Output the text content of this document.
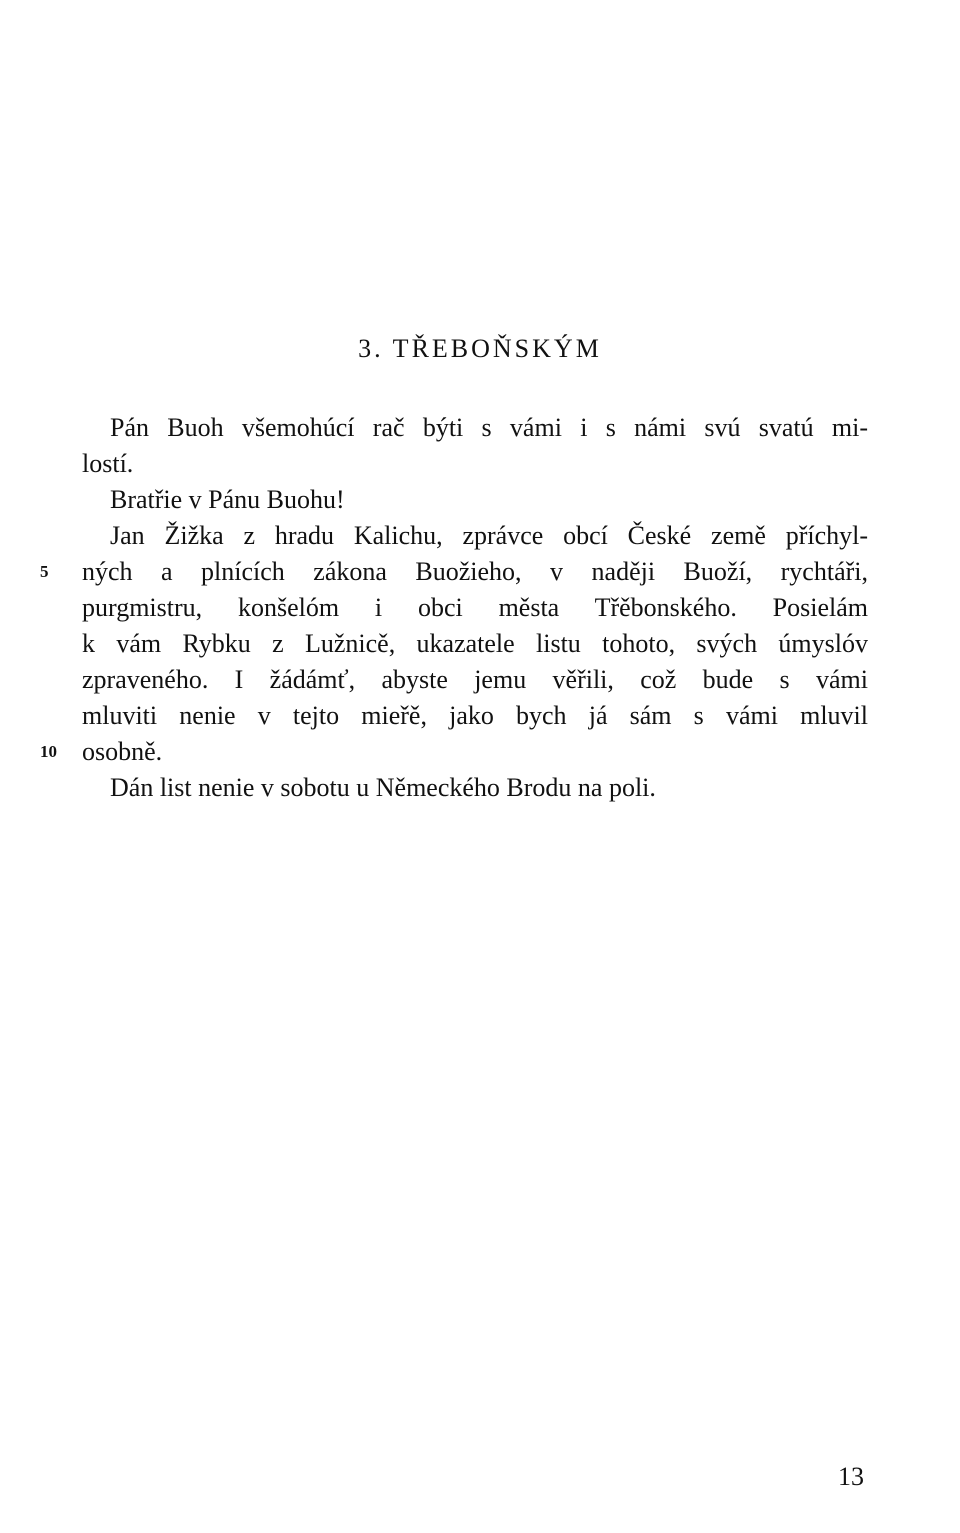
3. TŘEBOŇSKÝM
Pán Buoh všemohúcí rač býti s vámi i s námi svú svatú mi-
lostí.
Bratřie v Pánu Buohu!
Jan Žižka z hradu Kalichu, zprávce obcí České země příchyl-
5 ných a plnících zákona Buožieho, v naději Buoží, rychtáři,
purgmistru, konšelóm i obci města Třěbonského. Posielám
k vám Rybku z Lužnicě, ukazatele listu tohoto, svých úmyslóv
zpraveného. I žádámť, abyste jemu věřili, což bude s vámi
mluviti nenie v tejto mieřě, jako bych já sám s vámi mluvil
10 osobně.
Dán list nenie v sobotu u Německého Brodu na poli.
13
